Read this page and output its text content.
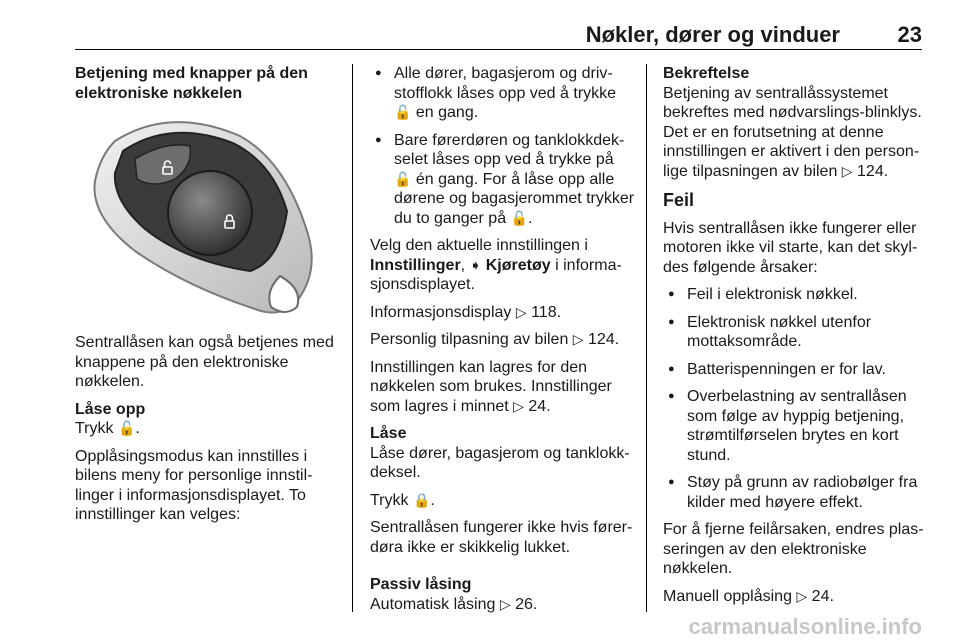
Nøkler, dører og vinduer	23
Betjening med knapper på den elektroniske nøkkelen

Sentrallåsen kan også betjenes med knappene på den elektroniske nøkkelen.

Låse opp

Trykk 🔓.

Opplåsingsmodus kan innstilles i bilens meny for personlige innstillinger i informasjonsdisplayet. To innstillinger kan velges:

● Alle dører, bagasjerom og drivstofflokk låses opp ved å trykke 🔓 en gang.
● Bare førerdøren og tanklokkdekselet låses opp ved å trykke på 🔓 én gang. For å låse opp alle dørene og bagasjerommet trykker du to ganger på 🔓.

Velg den aktuelle innstillingen i Innstillinger, ➧ Kjøretøy i informasjonsdisplayet.

Informasjonsdisplay ▷ 118.

Personlig tilpasning av bilen ▷ 124.

Innstillingen kan lagres for den nøkkelen som brukes. Innstillinger som lagres i minnet ▷ 24.

Låse

Låse dører, bagasjerom og tanklokkdeksel.

Trykk 🔒.

Sentrallåsen fungerer ikke hvis førerdøra ikke er skikkelig lukket.

Passiv låsing

Automatisk låsing ▷ 26.

Bekreftelse

Betjening av sentrallåssystemet bekreftes med nødvarslings-blinklys. Det er en forutsetning at denne innstillingen er aktivert i den personlige tilpasningen av bilen ▷ 124.

Feil

Hvis sentrallåsen ikke fungerer eller motoren ikke vil starte, kan det skyldes følgende årsaker:

● Feil i elektronisk nøkkel.
● Elektronisk nøkkel utenfor mottaksområde.
● Batterispenningen er for lav.
● Overbelastning av sentrallåsen som følge av hyppig betjening, strømtilførselen brytes en kort stund.
● Støy på grunn av radiobølger fra kilder med høyere effekt.

For å fjerne feilårsaken, endres plasseringen av den elektroniske nøkkelen.

Manuell opplåsing ▷ 24.

carmanualsonline.info
